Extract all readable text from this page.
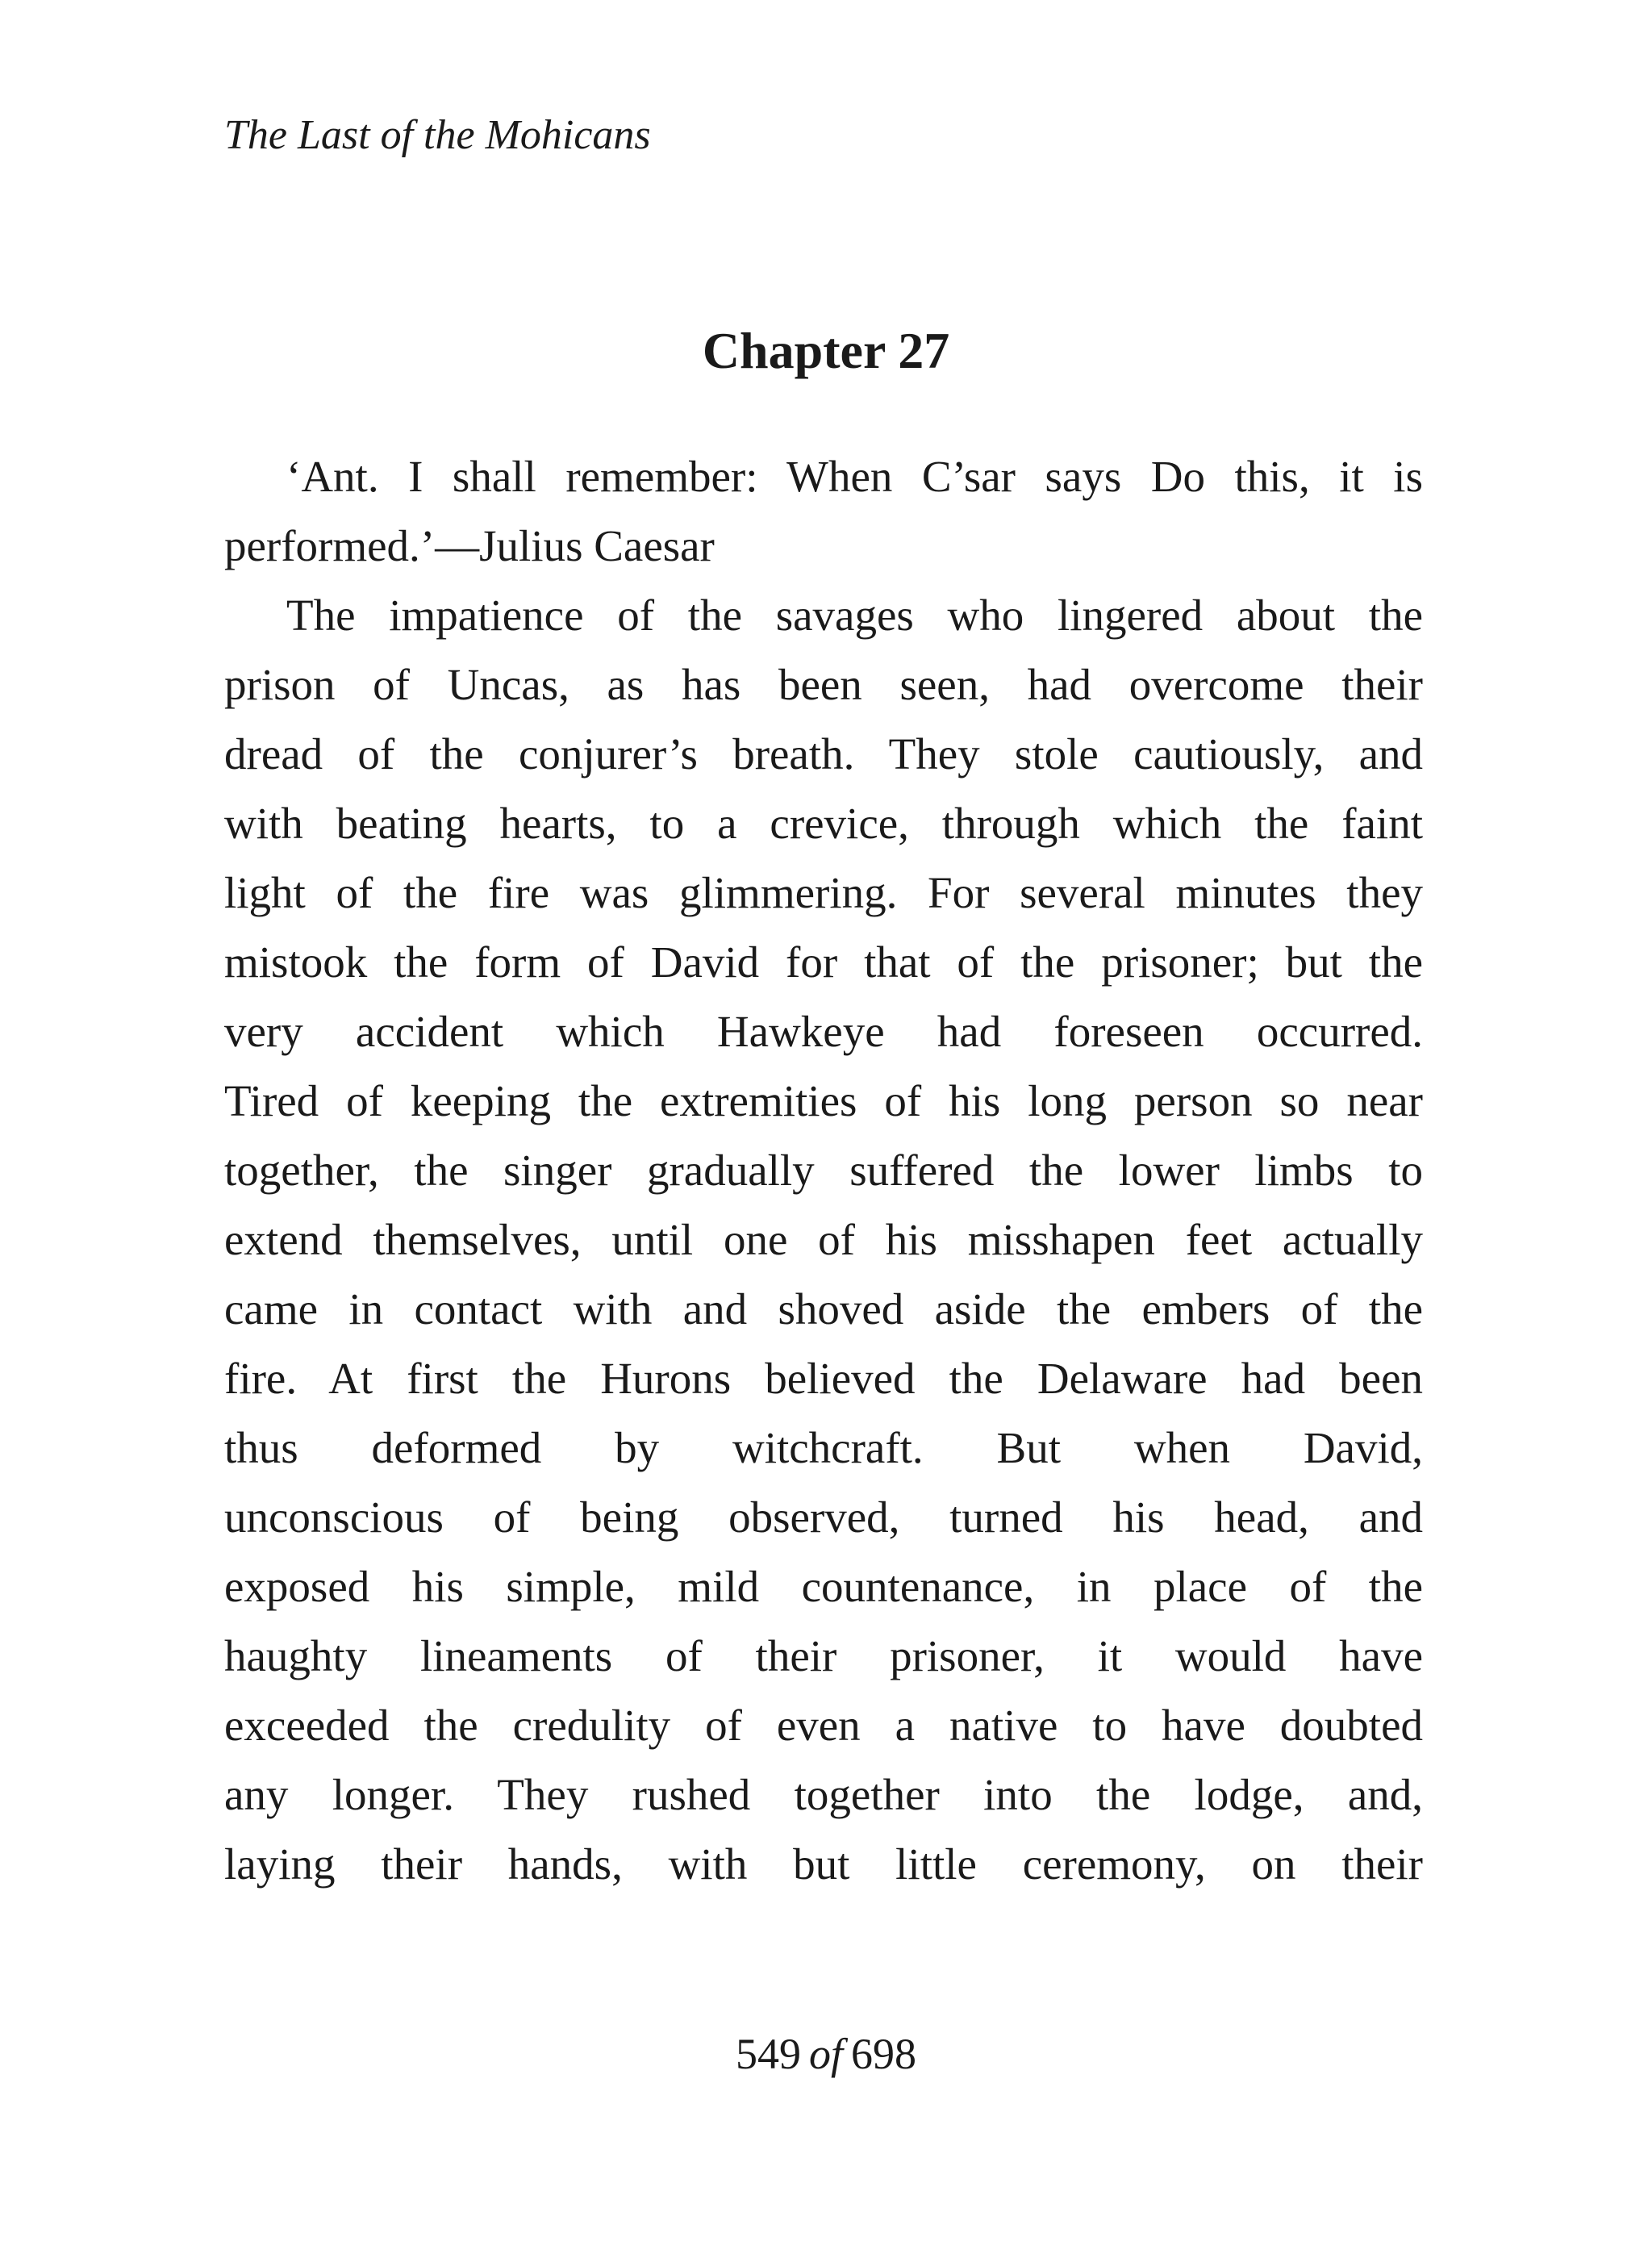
The Last of the Mohicans
Chapter 27
‘Ant. I shall remember: When C’sar says Do this, it is
performed.’—Julius Caesar
The impatience of the savages who lingered about the
prison of Uncas, as has been seen, had overcome their
dread of the conjurer’s breath. They stole cautiously, and
with beating hearts, to a crevice, through which the faint
light of the fire was glimmering. For several minutes they
mistook the form of David for that of the prisoner; but the
very accident which Hawkeye had foreseen occurred.
Tired of keeping the extremities of his long person so near
together, the singer gradually suffered the lower limbs to
extend themselves, until one of his misshapen feet actually
came in contact with and shoved aside the embers of the
fire. At first the Hurons believed the Delaware had been
thus deformed by witchcraft. But when David,
unconscious of being observed, turned his head, and
exposed his simple, mild countenance, in place of the
haughty lineaments of their prisoner, it would have
exceeded the credulity of even a native to have doubted
any longer. They rushed together into the lodge, and,
laying their hands, with but little ceremony, on their
549 of 698
